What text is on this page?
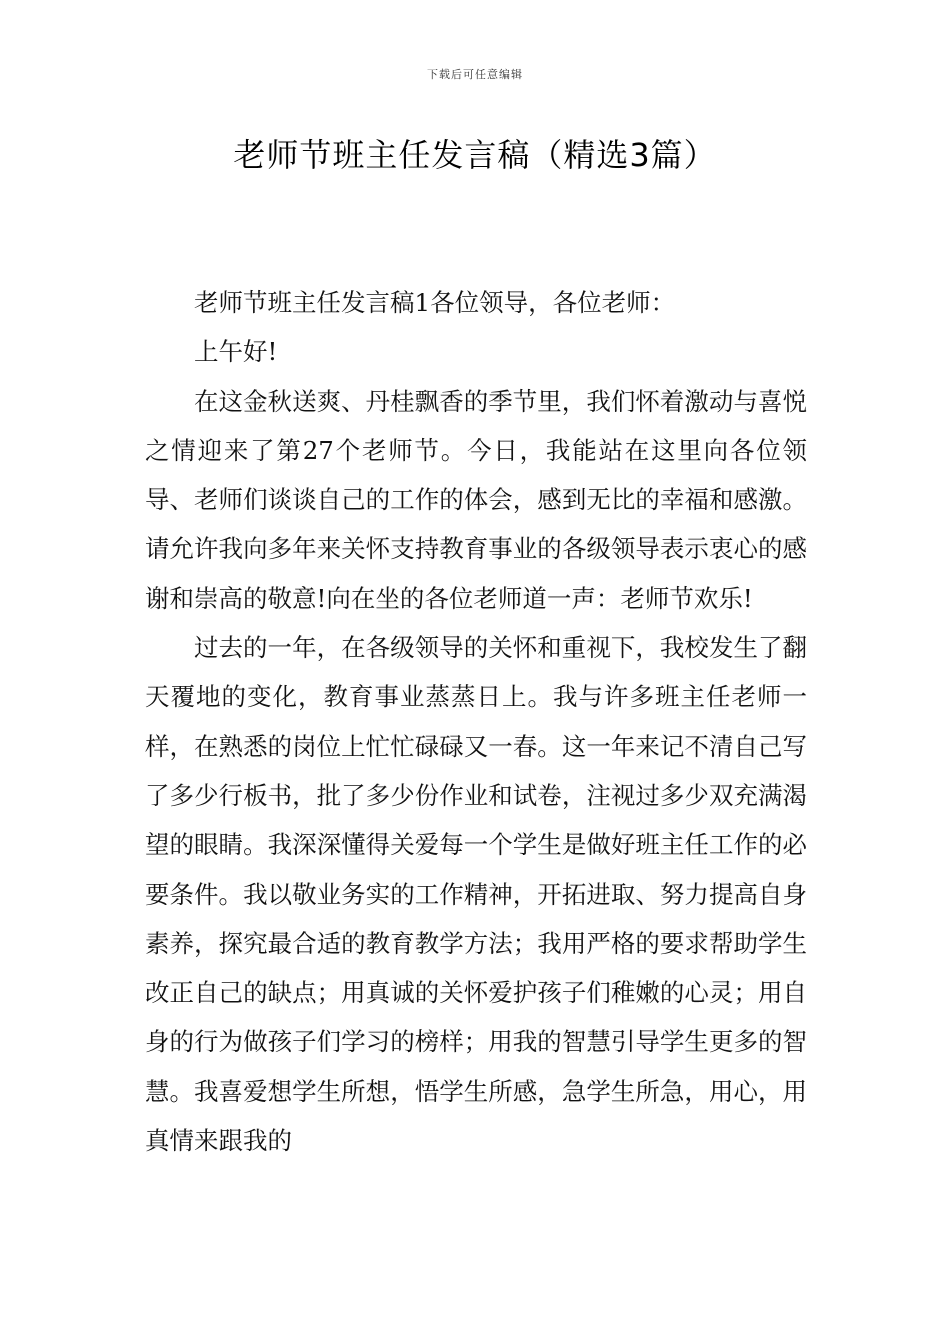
下载后可任意编辑
老师节班主任发言稿（精选3篇）

老师节班主任发言稿1各位领导，各位老师：

上午好!

在这金秋送爽、丹桂飘香的季节里，我们怀着激动与喜悦之情迎来了第27个老师节。今日，我能站在这里向各位领导、老师们谈谈自己的工作的体会，感到无比的幸福和感激。请允许我向多年来关怀支持教育事业的各级领导表示衷心的感谢和崇高的敬意!向在坐的各位老师道一声：老师节欢乐!

过去的一年，在各级领导的关怀和重视下，我校发生了翻天覆地的变化，教育事业蒸蒸日上。我与许多班主任老师一样，在熟悉的岗位上忙忙碌碌又一春。这一年来记不清自己写了多少行板书，批了多少份作业和试卷，注视过多少双充满渴望的眼睛。我深深懂得关爱每一个学生是做好班主任工作的必要条件。我以敬业务实的工作精神，开拓进取、努力提高自身素养，探究最合适的教育教学方法；我用严格的要求帮助学生改正自己的缺点；用真诚的关怀爱护孩子们稚嫩的心灵；用自身的行为做孩子们学习的榜样；用我的智慧引导学生更多的智慧。我喜爱想学生所想，悟学生所感，急学生所急，用心，用真情来跟我的
